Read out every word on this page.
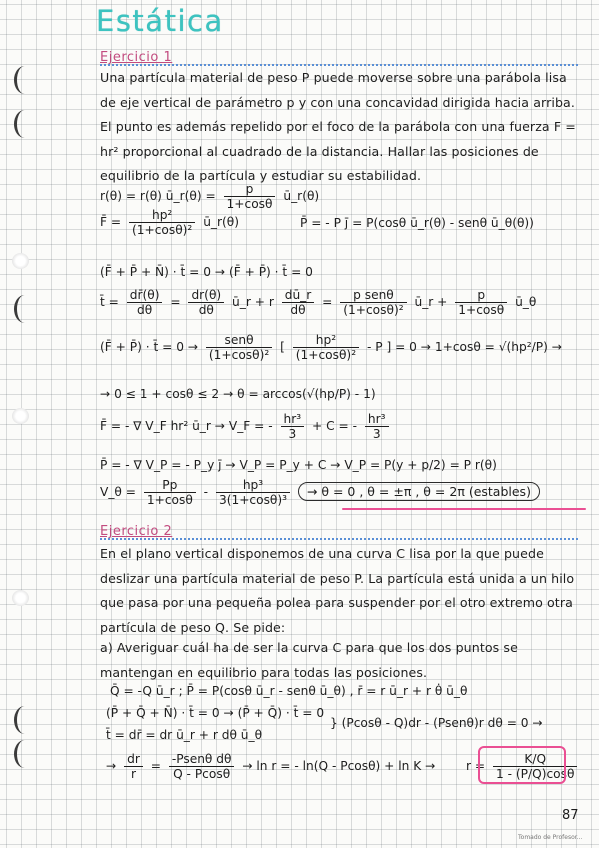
Estática
Ejercicio 1
Una partícula material de peso P puede moverse sobre una parábola lisa de eje vertical de parámetro p y con una concavidad dirigida hacia arriba. El punto es además repelido por el foco de la parábola con una fuerza F = hr² proporcional al cuadrado de la distancia. Hallar las posiciones de equilibrio de la partícula y estudiar su estabilidad.
r(θ) = r(θ) ū_r(θ) = $\frac{p}{1+\cos\theta}$ ū_r(θ)
F̄ = $\frac{\text{hp²}}{\text{(1+cosθ)²}}$ ū_r(θ)	P̄ = - P j̄ = P(cosθ ū_r(θ) - senθ ū_θ(θ))
(F̄ + P̄ + N̄) · t̄ = 0 → (F̄ + P̄) · t̄ = 0
t̄ = $\frac{dr̄(\theta)}{d\theta} = \frac{dr(\theta)}{d\theta}$ ū_r + r $\frac{dū\_r}{d\theta} = \frac{\text{p senθ}}{\text{(1+cosθ)²}}$ ū_r + $\frac{p}{1+\cos\theta}$ ū_θ
(F̄ + P̄) · t̄ = $0 \to \frac{\text{senθ}}{\text{(1+cosθ)²}}$ [ $\frac{\text{hp²}}{\text{(1+cosθ)²}}$ - P ] = 0 → 1+cosθ = √(hp²/P) →
→ 0 ≤ 1 + cosθ ≤ 2 → θ = arccos(√(hp/P) - 1)
F̄ = - ∇ V_F hr² ū_r → V_F = - $\frac{\text{hr³}}{3} + C$ = - $\frac{\text{hr³}}{3}$
P̄ = - ∇ V_P = - P_y j̄ → V_P = P_y + C → V_P = P(y + p/2) = P r(θ)
V_θ = $\frac{Pp}{1+\cos\theta} - \frac{\text{hp³}}{\text{3(1+cosθ)³}} \to \theta = 0$ , θ = ±π , θ = 2π (estables)
Ejercicio 2
En el plano vertical disponemos de una curva C lisa por la que puede deslizar una partícula material de peso P. La partícula está unida a un hilo que pasa por una pequeña polea para suspender por el otro extremo otra partícula de peso Q. Se pide:
a) Averiguar cuál ha de ser la curva C para que los dos puntos se mantengan en equilibrio para todas las posiciones.
Q̄ = -Q ū_r ; P̄ = P(cosθ ū_r - senθ ū_θ) , r̄ = r ū_r + r θ̇ ū_θ
(P̄ + Q̄ + N̄) · t̄ = 0 → (P̄ + Q̄) · t̄ = 0
t̄ = dr̄ = dr ū_r + r dθ ū_θ
} (Pcosθ - Q)dr - (Psenθ)r dθ = 0 →
→ $\frac{dr}{r} = \frac{\text{-Psenθ dθ}}{Q - Pcos\theta} \to \ln r$ = - ln(Q - Pcosθ) + ln K →	$r = \frac{K/Q}{1 - (P/Q)\cos\theta}$
87
Tomado de Profesor...
